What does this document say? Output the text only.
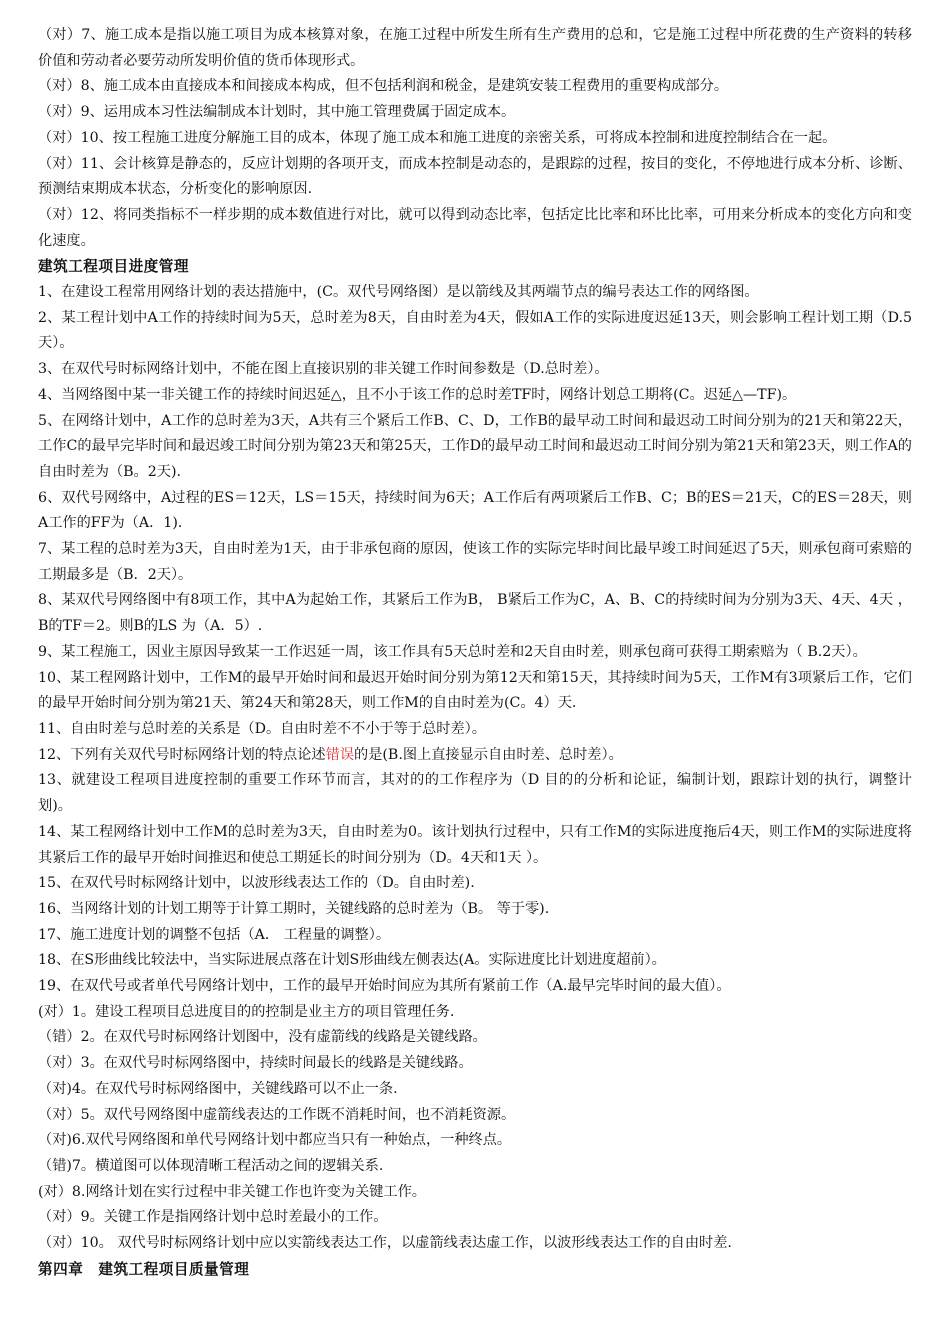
（对）7、施工成本是指以施工项目为成本核算对象，在施工过程中所发生所有生产费用的总和，它是施工过程中所花费的生产资料的转移价值和劳动者必要劳动所发明价值的货币体现形式。

（对）8、施工成本由直接成本和间接成本构成，但不包括利润和税金，是建筑安装工程费用的重要构成部分。

（对）9、运用成本习性法编制成本计划时，其中施工管理费属于固定成本。

（对）10、按工程施工进度分解施工目的成本，体现了施工成本和施工进度的亲密关系，可将成本控制和进度控制结合在一起。

（对）11、会计核算是静态的，反应计划期的各项开支，而成本控制是动态的，是跟踪的过程，按目的变化，不停地进行成本分析、诊断、预测结束期成本状态，分析变化的影响原因.

（对）12、将同类指标不一样步期的成本数值进行对比，就可以得到动态比率，包括定比比率和环比比率，可用来分析成本的变化方向和变化速度。

建筑工程项目进度管理

1、在建设工程常用网络计划的表达措施中，(C。双代号网络图）是以箭线及其两端节点的编号表达工作的网络图。

2、某工程计划中A工作的持续时间为5天，总时差为8天，自由时差为4天，假如A工作的实际进度迟延13天，则会影响工程计划工期（D.5天）。

3、在双代号时标网络计划中，不能在图上直接识别的非关键工作时间参数是（D.总时差）。

4、当网络图中某一非关键工作的持续时间迟延△，且不小于该工作的总时差TF时，网络计划总工期将(C。迟延△—TF)。

5、在网络计划中，A工作的总时差为3天，A共有三个紧后工作B、C、D，工作B的最早动工时间和最迟动工时间分别为的21天和第22天，工作C的最早完毕时间和最迟竣工时间分别为第23天和第25天，工作D的最早动工时间和最迟动工时间分别为第21天和第23天，则工作A的自由时差为（B。2天).

6、双代号网络中，A过程的ES＝12天，LS＝15天，持续时间为6天；A工作后有两项紧后工作B、C；B的ES＝21天，C的ES＝28天，则A工作的FF为（A．1).

7、某工程的总时差为3天，自由时差为1天，由于非承包商的原因，使该工作的实际完毕时间比最早竣工时间延迟了5天，则承包商可索赔的工期最多是（B．2天）。

8、某双代号网络图中有8项工作，其中A为起始工作，其紧后工作为B， B紧后工作为C，A、B、C的持续时间为分别为3天、4天、4天 ，B的TF＝2。则B的LS 为（A．5）.

9、某工程施工，因业主原因导致某一工作迟延一周，该工作具有5天总时差和2天自由时差，则承包商可获得工期索赔为（ B.2天）。

10、某工程网路计划中，工作M的最早开始时间和最迟开始时间分别为第12天和第15天，其持续时间为5天，工作M有3项紧后工作，它们的最早开始时间分别为第21天、第24天和第28天，则工作M的自由时差为(C。4）天.

11、自由时差与总时差的关系是（D。自由时差不不小于等于总时差）。

12、下列有关双代号时标网络计划的特点论述错误的是(B.图上直接显示自由时差、总时差）。

13、就建设工程项目进度控制的重要工作环节而言，其对的的工作程序为（D 目的的分析和论证，编制计划，跟踪计划的执行，调整计划)。

14、某工程网络计划中工作M的总时差为3天，自由时差为0。该计划执行过程中，只有工作M的实际进度拖后4天，则工作M的实际进度将其紧后工作的最早开始时间推迟和使总工期延长的时间分别为（D。4天和1天 ）。

15、在双代号时标网络计划中，以波形线表达工作的（D。自由时差).

16、当网络计划的计划工期等于计算工期时，关键线路的总时差为（B。 等于零).

17、施工进度计划的调整不包括（A． 工程量的调整）。

18、在S形曲线比较法中，当实际进展点落在计划S形曲线左侧表达(A。实际进度比计划进度超前）。

19、在双代号或者单代号网络计划中，工作的最早开始时间应为其所有紧前工作（A.最早完毕时间的最大值）。

(对）1。建设工程项目总进度目的的控制是业主方的项目管理任务.

（错）2。在双代号时标网络计划图中，没有虚箭线的线路是关键线路。

（对）3。在双代号时标网络图中，持续时间最长的线路是关键线路。

（对)4。在双代号时标网络图中，关键线路可以不止一条.

（对）5。双代号网络图中虚箭线表达的工作既不消耗时间，也不消耗资源。

（对)6.双代号网络图和单代号网络计划中都应当只有一种始点，一种终点。

（错)7。横道图可以体现清晰工程活动之间的逻辑关系.

(对）8.网络计划在实行过程中非关键工作也许变为关键工作。

（对）9。关键工作是指网络计划中总时差最小的工作。

（对）10。 双代号时标网络计划中应以实箭线表达工作，以虚箭线表达虚工作，以波形线表达工作的自由时差.

第四章　建筑工程项目质量管理
